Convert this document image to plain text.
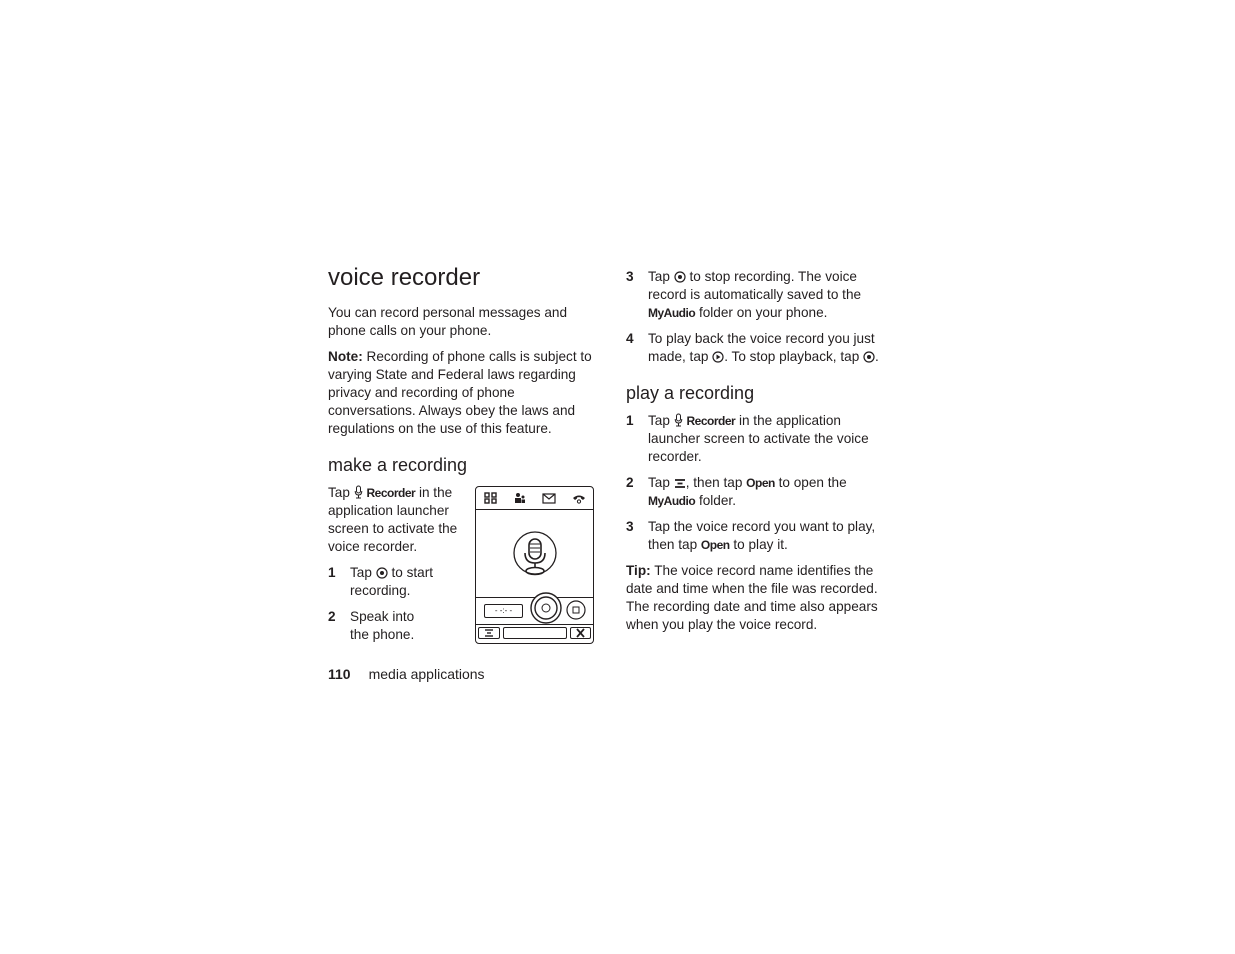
voice recorder

You can record personal messages and phone calls on your phone.

Note: Recording of phone calls is subject to varying State and Federal laws regarding privacy and recording of phone conversations. Always obey the laws and regulations on the use of this feature.

make a recording

Tap
Recorder in the application launcher screen to activate the voice recorder.

1 Tap
to start recording.
2 Speak into the phone.
- -:- -
3 Tap
to stop recording. The voice record is automatically saved to the MyAudio folder on your phone.
4 To play back the voice record you just made, tap
. To stop playback, tap
.
play a recording
1 Tap
Recorder in the application launcher screen to activate the voice recorder.
2 Tap
, then tap Open to open the MyAudio folder.
3 Tap the voice record you want to play, then tap Open to play it.

Tip: The voice record name identifies the date and time when the file was recorded. The recording date and time also appears when you play the voice record.

110 media applications
